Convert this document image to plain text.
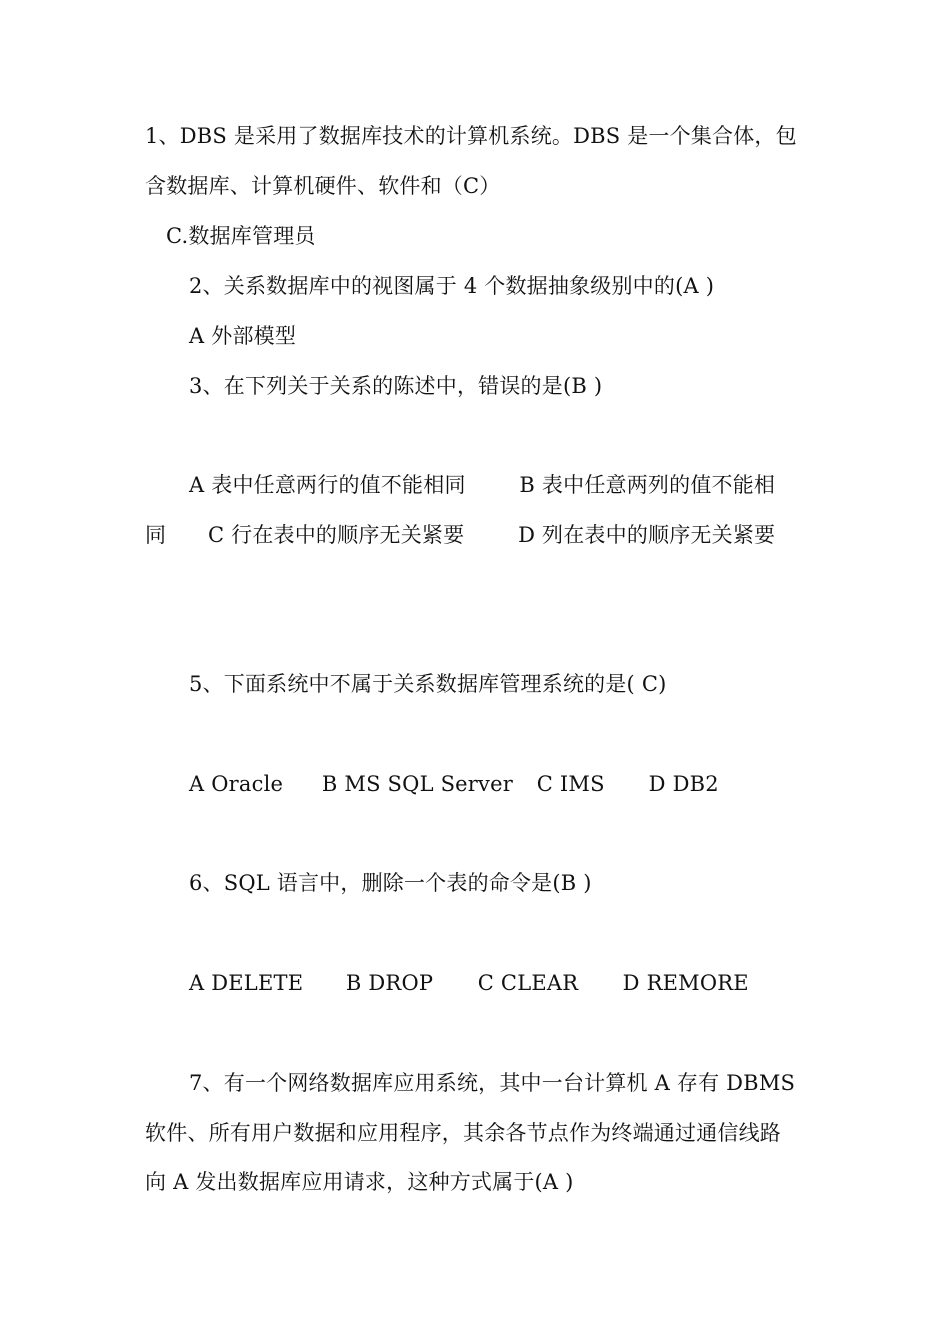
1、DBS 是采用了数据库技术的计算机系统。DBS 是一个集合体，包
含数据库、计算机硬件、软件和（C）
C.数据库管理员
2、关系数据库中的视图属于 4 个数据抽象级别中的(A )
A 外部模型
3、在下列关于关系的陈述中，错误的是(B )
A 表中任意两行的值不能相同	B 表中任意两列的值不能相
同 C 行在表中的顺序无关紧要	D 列在表中的顺序无关紧要
5、下面系统中不属于关系数据库管理系统的是( C)
A Oracle B MS SQL Server C IMS D DB2
6、SQL 语言中，删除一个表的命令是(B )
A DELETE B DROP C CLEAR D REMORE
7、有一个网络数据库应用系统，其中一台计算机 A 存有 DBMS
软件、所有用户数据和应用程序，其余各节点作为终端通过通信线路
向 A 发出数据库应用请求，这种方式属于(A )
